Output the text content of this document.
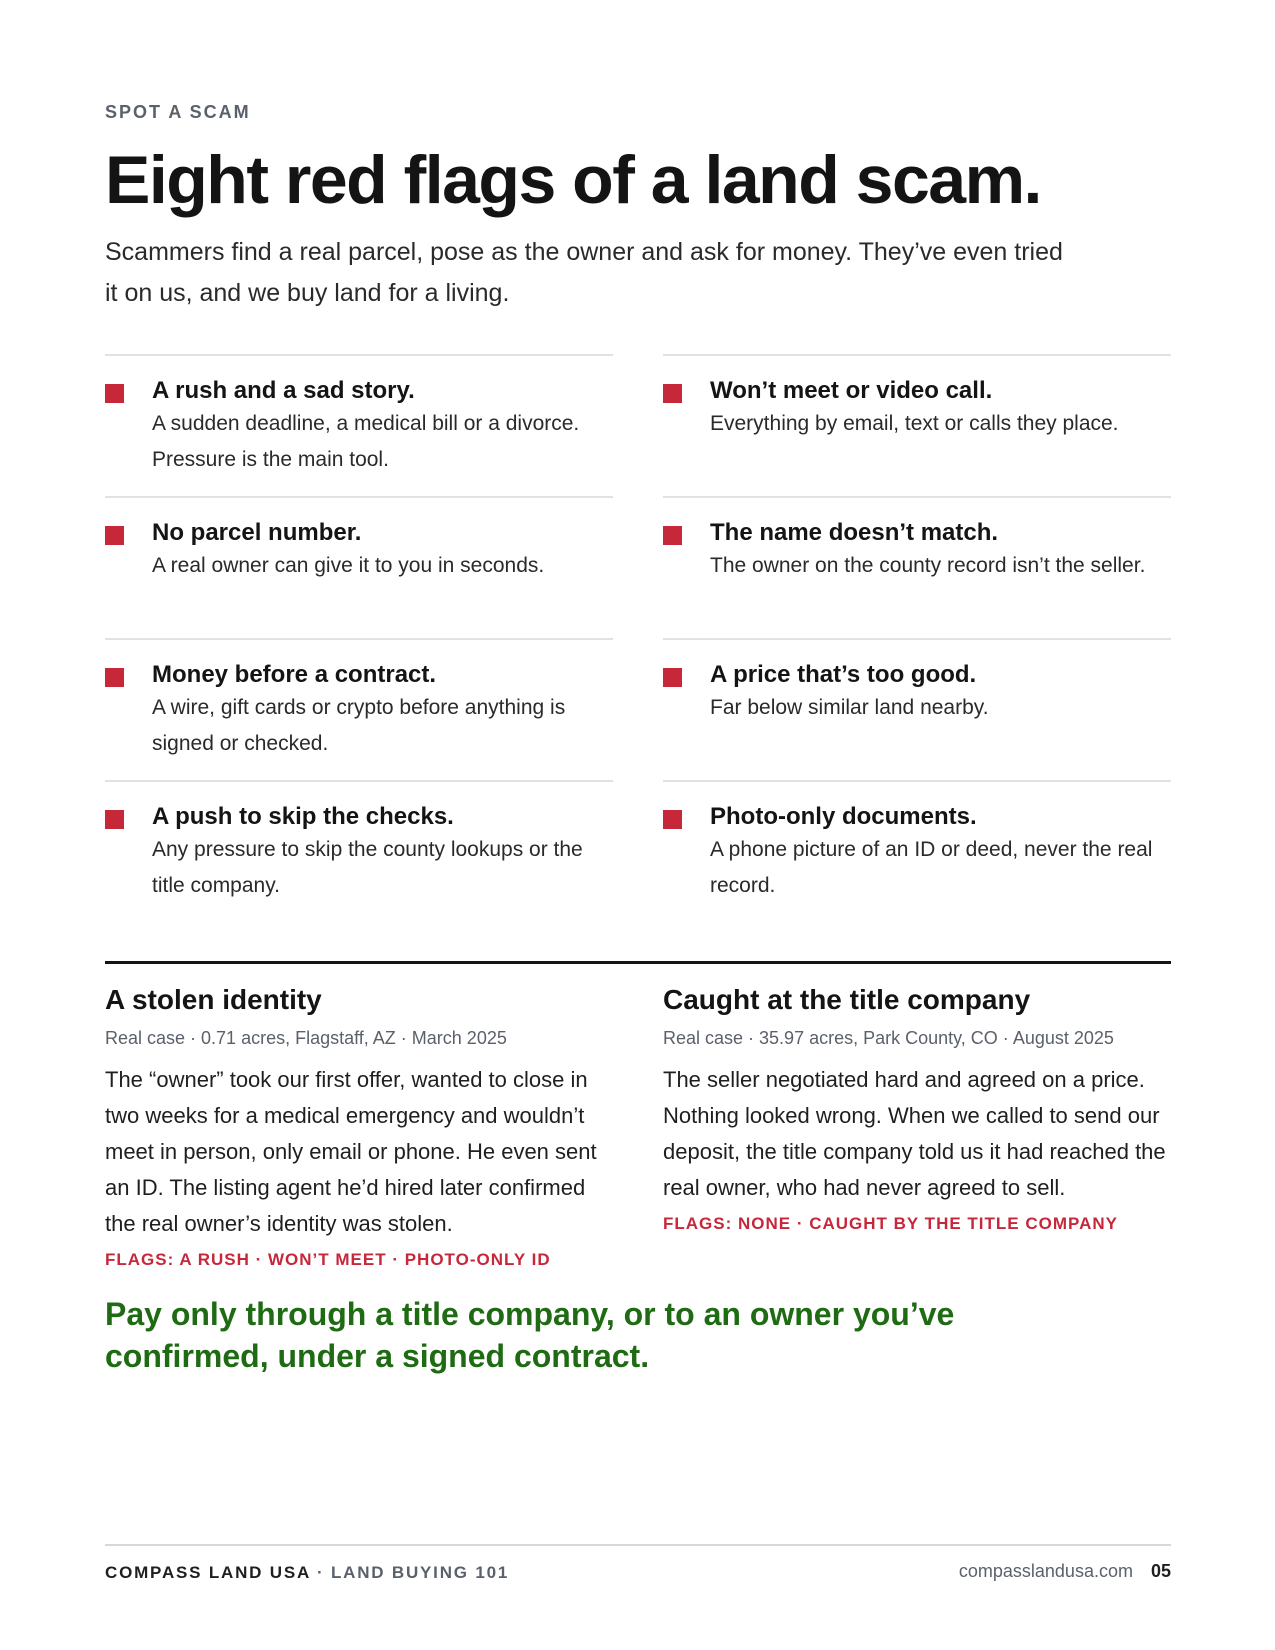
SPOT A SCAM
Eight red flags of a land scam.

Scammers find a real parcel, pose as the owner and ask for money. They’ve even tried it on us, and we buy land for a living.

A rush and a sad story.
A sudden deadline, a medical bill or a divorce. Pressure is the main tool.
Won’t meet or video call.
Everything by email, text or calls they place.
No parcel number.
A real owner can give it to you in seconds.
The name doesn’t match.
The owner on the county record isn’t the seller.
Money before a contract.
A wire, gift cards or crypto before anything is signed or checked.
A price that’s too good.
Far below similar land nearby.
A push to skip the checks.
Any pressure to skip the county lookups or the title company.
Photo-only documents.
A phone picture of an ID or deed, never the real record.
A stolen identity
Real case · 0.71 acres, Flagstaff, AZ · March 2025
The “owner” took our first offer, wanted to close in two weeks for a medical emergency and wouldn’t meet in person, only email or phone. He even sent an ID. The listing agent he’d hired later confirmed the real owner’s identity was stolen.
FLAGS: A RUSH · WON’T MEET · PHOTO-ONLY ID
Caught at the title company
Real case · 35.97 acres, Park County, CO · August 2025
The seller negotiated hard and agreed on a price. Nothing looked wrong. When we called to send our deposit, the title company told us it had reached the real owner, who had never agreed to sell.
FLAGS: NONE · CAUGHT BY THE TITLE COMPANY

Pay only through a title company, or to an owner you’ve confirmed, under a signed contract.

COMPASS LAND USA · LAND BUYING 101	compasslandusa.com 05
